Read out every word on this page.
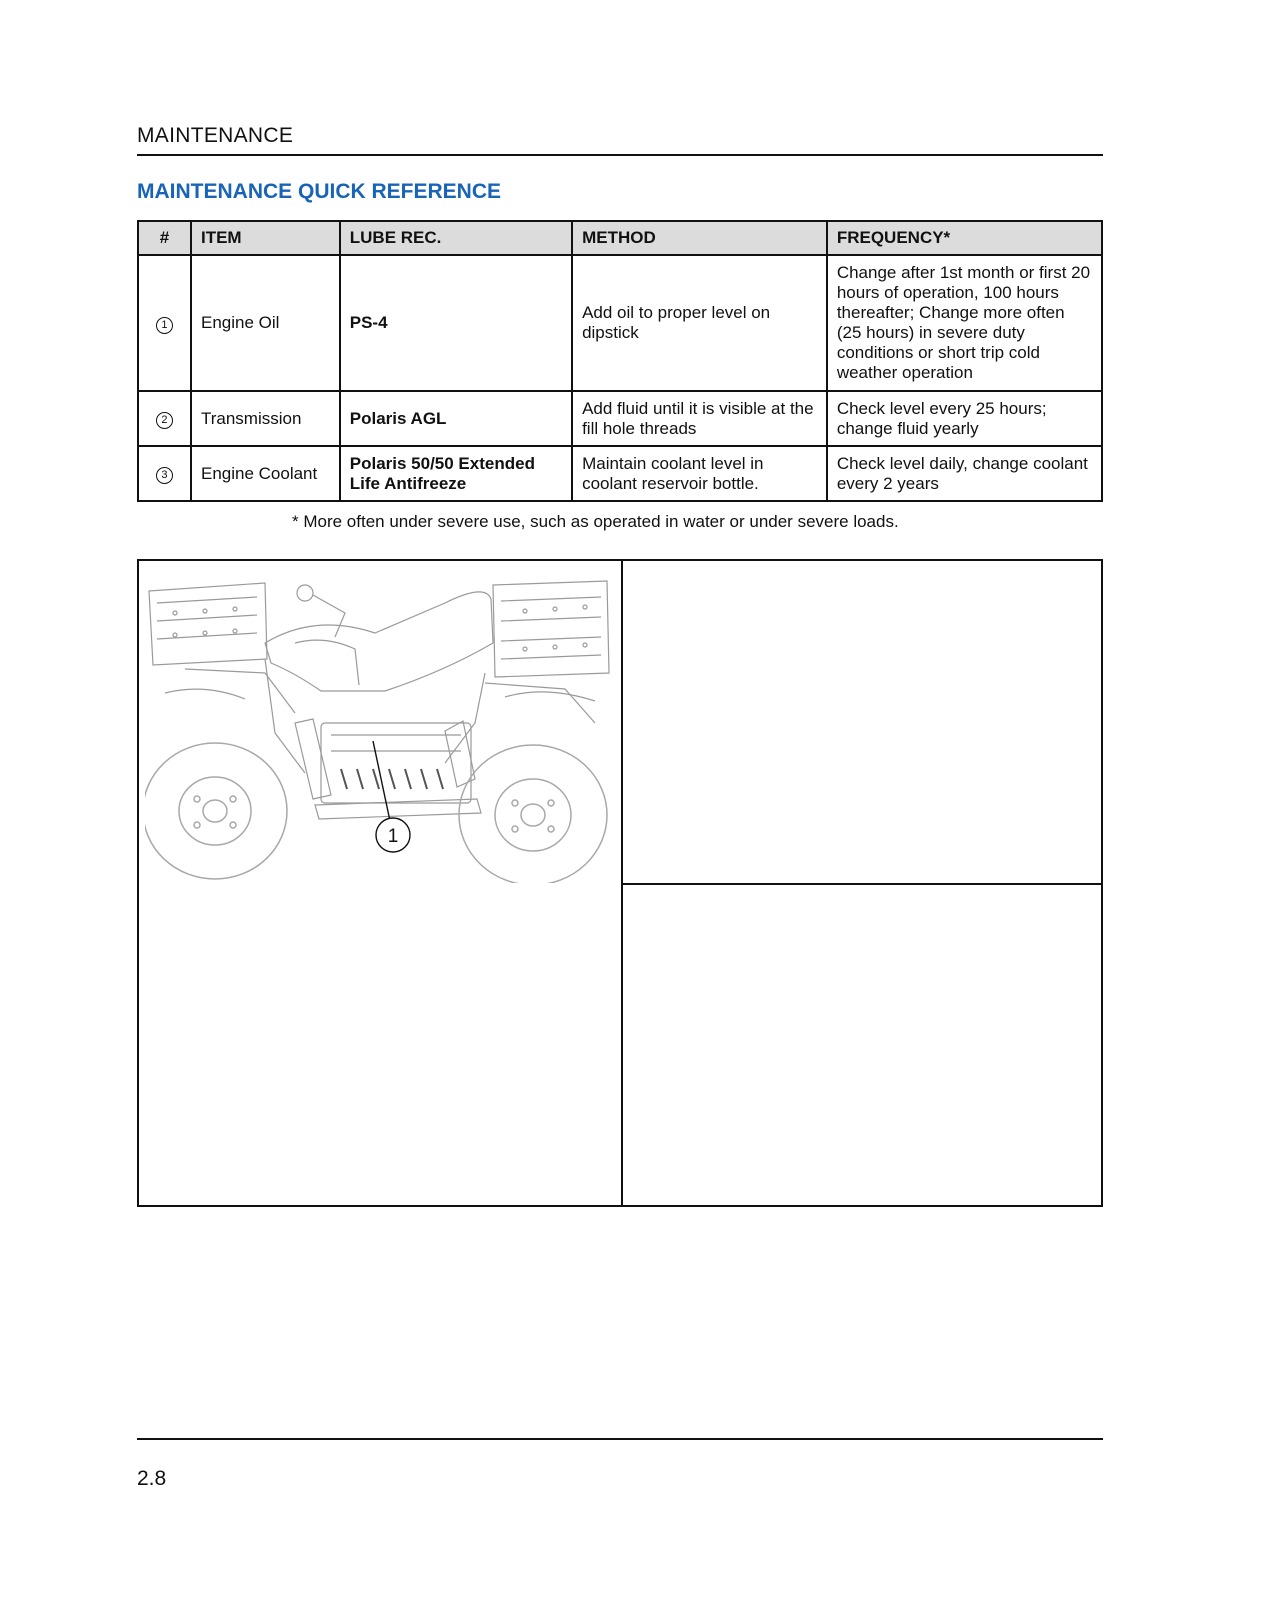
MAINTENANCE
MAINTENANCE QUICK REFERENCE
#	ITEM	LUBE REC.	METHOD	FREQUENCY*
1	Engine Oil	PS-4	Add oil to proper level on dipstick	Change after 1st month or first 20 hours of operation, 100 hours thereafter; Change more often (25 hours) in severe duty conditions or short trip cold weather operation
2	Transmission	Polaris AGL	Add fluid until it is visible at the fill hole threads	Check level every 25 hours; change fluid yearly
3	Engine Coolant	Polaris 50/50 Extended Life Antifreeze	Maintain coolant level in coolant reservoir bottle.	Check level daily, change coolant every 2 years
* More often under severe use, such as operated in water or under severe loads.
1
2.8
